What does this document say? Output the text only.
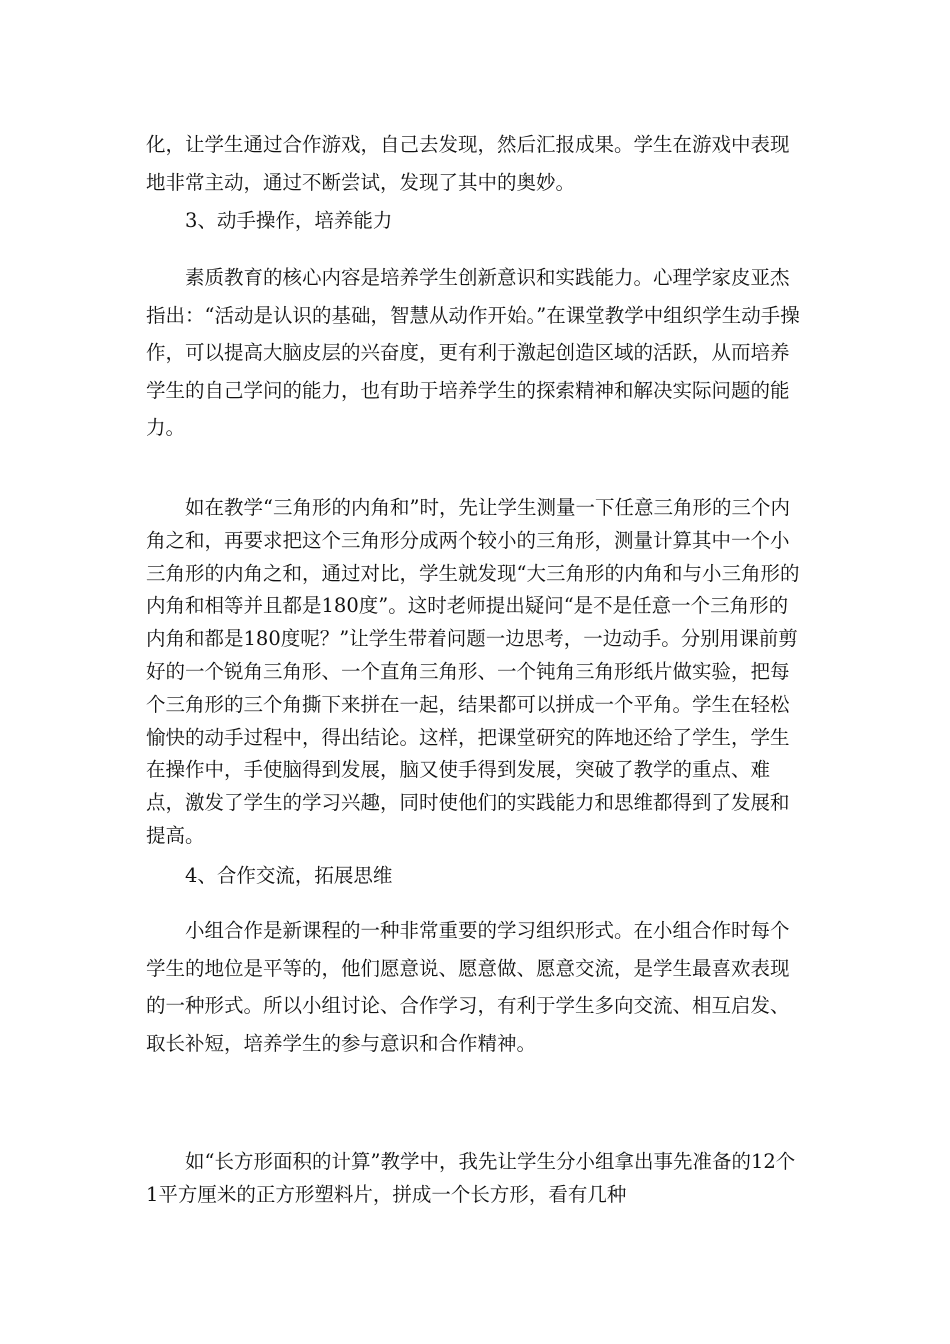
化，让学生通过合作游戏，自己去发现，然后汇报成果。学生在游戏中表现地非常主动，通过不断尝试，发现了其中的奥妙。

3、动手操作，培养能力

素质教育的核心内容是培养学生创新意识和实践能力。心理学家皮亚杰指出：“活动是认识的基础，智慧从动作开始。”在课堂教学中组织学生动手操作，可以提高大脑皮层的兴奋度，更有利于激起创造区域的活跃，从而培养学生的自己学问的能力，也有助于培养学生的探索精神和解决实际问题的能力。

如在教学“三角形的内角和”时，先让学生测量一下任意三角形的三个内角之和，再要求把这个三角形分成两个较小的三角形，测量计算其中一个小三角形的内角之和，通过对比，学生就发现“大三角形的内角和与小三角形的内角和相等并且都是180度”。这时老师提出疑问“是不是任意一个三角形的内角和都是180度呢？”让学生带着问题一边思考，一边动手。分别用课前剪好的一个锐角三角形、一个直角三角形、一个钝角三角形纸片做实验，把每个三角形的三个角撕下来拼在一起，结果都可以拼成一个平角。学生在轻松愉快的动手过程中，得出结论。这样，把课堂研究的阵地还给了学生，学生在操作中，手使脑得到发展，脑又使手得到发展，突破了教学的重点、难点，激发了学生的学习兴趣，同时使他们的实践能力和思维都得到了发展和提高。

4、合作交流，拓展思维

小组合作是新课程的一种非常重要的学习组织形式。在小组合作时每个学生的地位是平等的，他们愿意说、愿意做、愿意交流，是学生最喜欢表现的一种形式。所以小组讨论、合作学习，有利于学生多向交流、相互启发、取长补短，培养学生的参与意识和合作精神。

如“长方形面积的计算”教学中，我先让学生分小组拿出事先准备的12个1平方厘米的正方形塑料片，拼成一个长方形，看有几种
